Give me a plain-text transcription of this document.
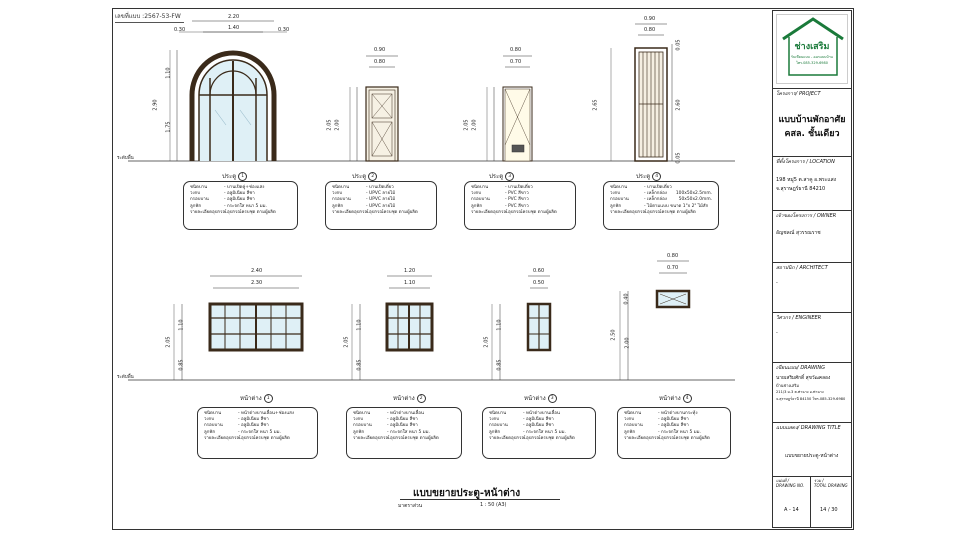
เลขที่แบบ :2567-53-FW
ระดับพื้น
ระดับพื้น
2.20
1.40
0.30	0.30
2.90
1.10
1.75
0.90
0.80
2.05 2.00
0.80
0.70
2.05 2.00
0.90
0.80
2.65
0.05
2.60
0.05
2.40
2.30
2.05
1.10
0.85
1.20
1.10
2.05
1.10
0.85
0.60
0.50
2.05
1.10
0.85
0.80
0.70
2.50
0.40
2.00
ประตู	1	ประตู	2	ประตู	3	ประตู	4
หน้าต่าง	1	หน้าต่าง	2	หน้าต่าง	3	หน้าต่าง	4
ชนิดบาน	- บานเปิดคู่+ช่องแสง
วงกบ	- อลูมิเนียม สีชา
กรอบบาน	- อลูมิเนียม สีชา
ลูกฟัก	- กระจกใส หนา 5 มม.
รายละเอียดอุปกรณ์
- อุปกรณ์ครบชุด ตามผู้ผลิต
ชนิดบาน	- บานเปิดเดี่ยว
วงกบ	- UPVC ลายไม้
กรอบบาน	- UPVC ลายไม้
ลูกฟัก	- UPVC ลายไม้
รายละเอียดอุปกรณ์
- อุปกรณ์ครบชุด ตามผู้ผลิต
ชนิดบาน	- บานเปิดเดี่ยว
วงกบ	- PVC สีขาว
กรอบบาน	- PVC สีขาว
ลูกฟัก	- PVC สีขาว
รายละเอียดอุปกรณ์
- อุปกรณ์ครบชุด ตามผู้ผลิต
ชนิดบาน	- บานเปิดเดี่ยว
วงกบ	- เหล็กกล่อง	100x50x2.5mm.
กรอบบาน	- เหล็กกล่อง	50x50x2.0mm.
ลูกฟัก	- ไม้ตามแบบ ขนาด 1"x 2" ไม้สัก
รายละเอียดอุปกรณ์
- อุปกรณ์ครบชุด ตามผู้ผลิต
ชนิดบาน	- หน้าต่างบานเลื่อน+ช่องแสง
วงกบ	- อลูมิเนียม สีชา
กรอบบาน	- อลูมิเนียม สีชา
ลูกฟัก	- กระจกใส หนา 5 มม.
รายละเอียดอุปกรณ์
- อุปกรณ์ครบชุด ตามผู้ผลิต
ชนิดบาน	- หน้าต่างบานเลื่อน
วงกบ	- อลูมิเนียม สีชา
กรอบบาน	- อลูมิเนียม สีชา
ลูกฟัก	- กระจกใส หนา 5 มม.
รายละเอียดอุปกรณ์
- อุปกรณ์ครบชุด ตามผู้ผลิต
ชนิดบาน	- หน้าต่างบานเลื่อน
วงกบ	- อลูมิเนียม สีชา
กรอบบาน	- อลูมิเนียม สีชา
ลูกฟัก	- กระจกใส หนา 5 มม.
รายละเอียดอุปกรณ์
- อุปกรณ์ครบชุด ตามผู้ผลิต
ชนิดบาน	- หน้าต่างบานกระทุ้ง
วงกบ	- อลูมิเนียม สีชา
กรอบบาน	- อลูมิเนียม สีชา
ลูกฟัก	- กระจกใส หนา 5 มม.
รายละเอียดอุปกรณ์
- อุปกรณ์ครบชุด ตามผู้ผลิต
แบบขยายประตู-หน้าต่าง
มาตราส่วน	1 : 50 (A3)
ช่างเสริม
รับเขียนแบบ - ออกแบบบ้าน
โทร.085-329-6980
โครงการ/ PROJECT
แบบบ้านพักอาศัย
คสล. ชั้นเดียว
ที่ตั้งโครงการ / LOCATION
198 หมู่5 ต.สาคู อ.พระแสง
จ.สุราษฎร์ธานี 84210
เจ้าของโครงการ / OWNER
อัญชลณ์ สุวรรณราช
สถาปนิก / ARCHITECT
-
วิศวกร / ENGINEER
-
เขียนแบบ/ DRAWING
นายเสริมศักดิ์ สุขวัฒคลอง
บ้านช่างเสริม
211/3 ม.3 ต.ท่าฉาง อ.ท่าฉาง
จ.สุราษฎร์ธานี 84150 โทร.085-329-6980
แบบแสดง/ DRAWING TITLE
แบบขยายประตู-หน้าต่าง
แผ่นที่ /
DRAWING NO.
รวม /
TOTAL DRAWING
A - 14	14 / 30
